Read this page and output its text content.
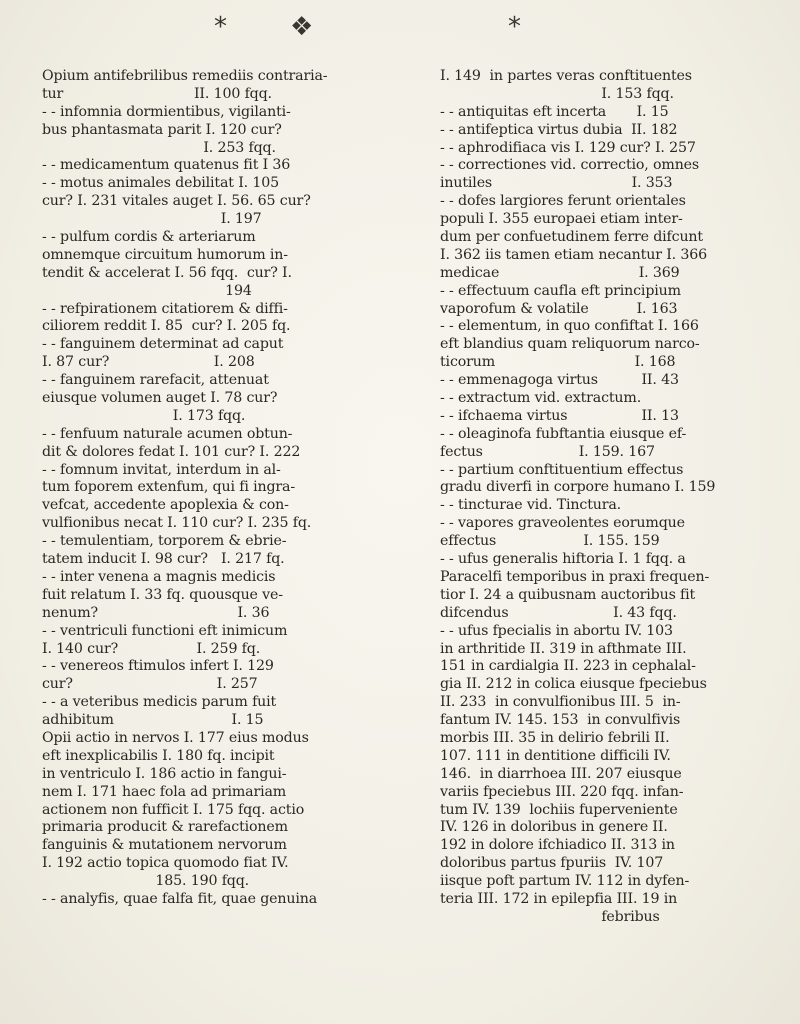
* ❖	*
Opium antifebrilibus remediis contraria-
tur                              II. 100 fqq.
- - infomnia dormientibus, vigilanti-
bus phantasmata parit I. 120 cur?
I. 253 fqq.
- - medicamentum quatenus fit I 36
- - motus animales debilitat I. 105
cur? I. 231 vitales auget I. 56. 65 cur?
I. 197
- - pulfum cordis & arteriarum
omnemque circuitum humorum in-
tendit & accelerat I. 56 fqq.  cur? I.
194
- - refpirationem citatiorem & diffi-
ciliorem reddit I. 85  cur? I. 205 fq.
- - fanguinem determinat ad caput
I. 87 cur?                        I. 208
- - fanguinem rarefacit, attenuat
eiusque volumen auget I. 78 cur?
I. 173 fqq.
- - fenfuum naturale acumen obtun-
dit & dolores fedat I. 101 cur? I. 222
- - fomnum invitat, interdum in al-
tum foporem extenfum, qui fi ingra-
vefcat, accedente apoplexia & con-
vulfionibus necat I. 110 cur? I. 235 fq.
- - temulentiam, torporem & ebrie-
tatem inducit I. 98 cur?   I. 217 fq.
- - inter venena a magnis medicis
fuit relatum I. 33 fq. quousque ve-
nenum?                                I. 36
- - ventriculi functioni eft inimicum
I. 140 cur?                  I. 259 fq.
- - venereos ftimulos infert I. 129
cur?                                 I. 257
- - a veteribus medicis parum fuit
adhibitum                           I. 15
Opii actio in nervos I. 177 eius modus
eft inexplicabilis I. 180 fq. incipit
in ventriculo I. 186 actio in fangui-
nem I. 171 haec fola ad primariam
actionem non fufficit I. 175 fqq. actio
primaria producit & rarefactionem
fanguinis & mutationem nervorum
I. 192 actio topica quomodo fiat IV.
185. 190 fqq.
- - analyfis, quae falfa fit, quae genuina
I. 149  in partes veras conftituentes
I. 153 fqq.
- - antiquitas eft incerta       I. 15
- - antifeptica virtus dubia  II. 182
- - aphrodifiaca vis I. 129 cur? I. 257
- - correctiones vid. correctio, omnes
inutiles                                I. 353
- - dofes largiores ferunt orientales
populi I. 355 europaei etiam inter-
dum per confuetudinem ferre difcunt
I. 362 iis tamen etiam necantur I. 366
medicae                                I. 369
- - effectuum caufla eft principium
vaporofum & volatile           I. 163
- - elementum, in quo confiftat I. 166
eft blandius quam reliquorum narco-
ticorum                                I. 168
- - emmenagoga virtus          II. 43
- - extractum vid. extractum.
- - ifchaema virtus                 II. 13
- - oleaginofa fubftantia eiusque ef-
fectus                      I. 159. 167
- - partium conftituentium effectus
gradu diverfi in corpore humano I. 159
- - tincturae vid. Tinctura.
- - vapores graveolentes eorumque
effectus                    I. 155. 159
- - ufus generalis hiftoria I. 1 fqq. a
Paracelfi temporibus in praxi frequen-
tior I. 24 a quibusnam auctoribus fit
difcendus                        I. 43 fqq.
- - ufus fpecialis in abortu IV. 103
in arthritide II. 319 in afthmate III.
151 in cardialgia II. 223 in cephalal-
gia II. 212 in colica eiusque fpeciebus
II. 233  in convulfionibus III. 5  in-
fantum IV. 145. 153  in convulfivis
morbis III. 35 in delirio febrili II.
107. 111 in dentitione difficili IV.
146.  in diarrhoea III. 207 eiusque
variis fpeciebus III. 220 fqq. infan-
tum IV. 139  lochiis fuperveniente
IV. 126 in doloribus in genere II.
192 in dolore ifchiadico II. 313 in
doloribus partus fpuriis  IV. 107
iisque poft partum IV. 112 in dyfen-
teria III. 172 in epilepfia III. 19 in
febribus
